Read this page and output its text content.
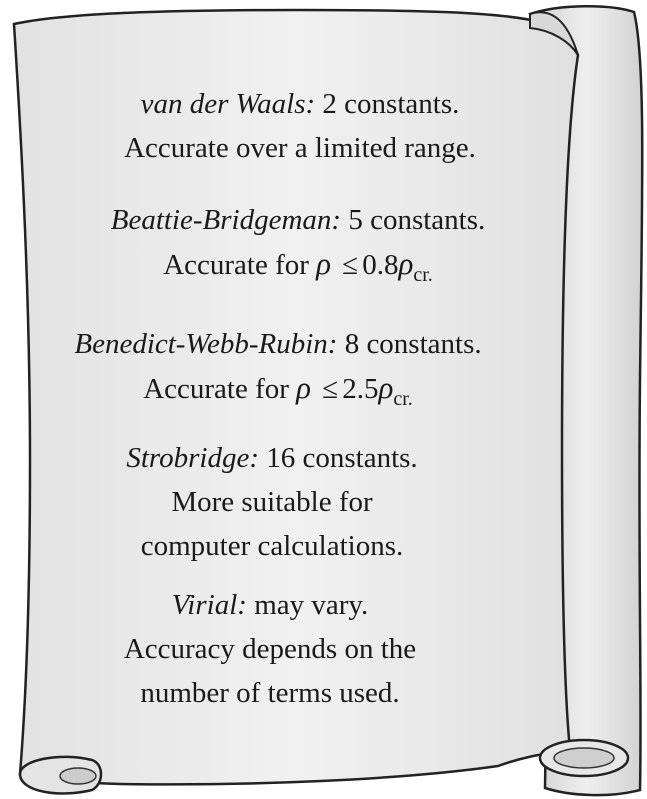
van der Waals: 2 constants.
Accurate over a limited range.
Beattie-Bridgeman: 5 constants.
Accurate for $\rho \le 0.8\rho_{cr.}$
Benedict-Webb-Rubin: 8 constants.
Accurate for $\rho \le 2.5\rho_{cr.}$
Strobridge: 16 constants.
More suitable for
computer calculations.
Virial: may vary.
Accuracy depends on the
number of terms used.
